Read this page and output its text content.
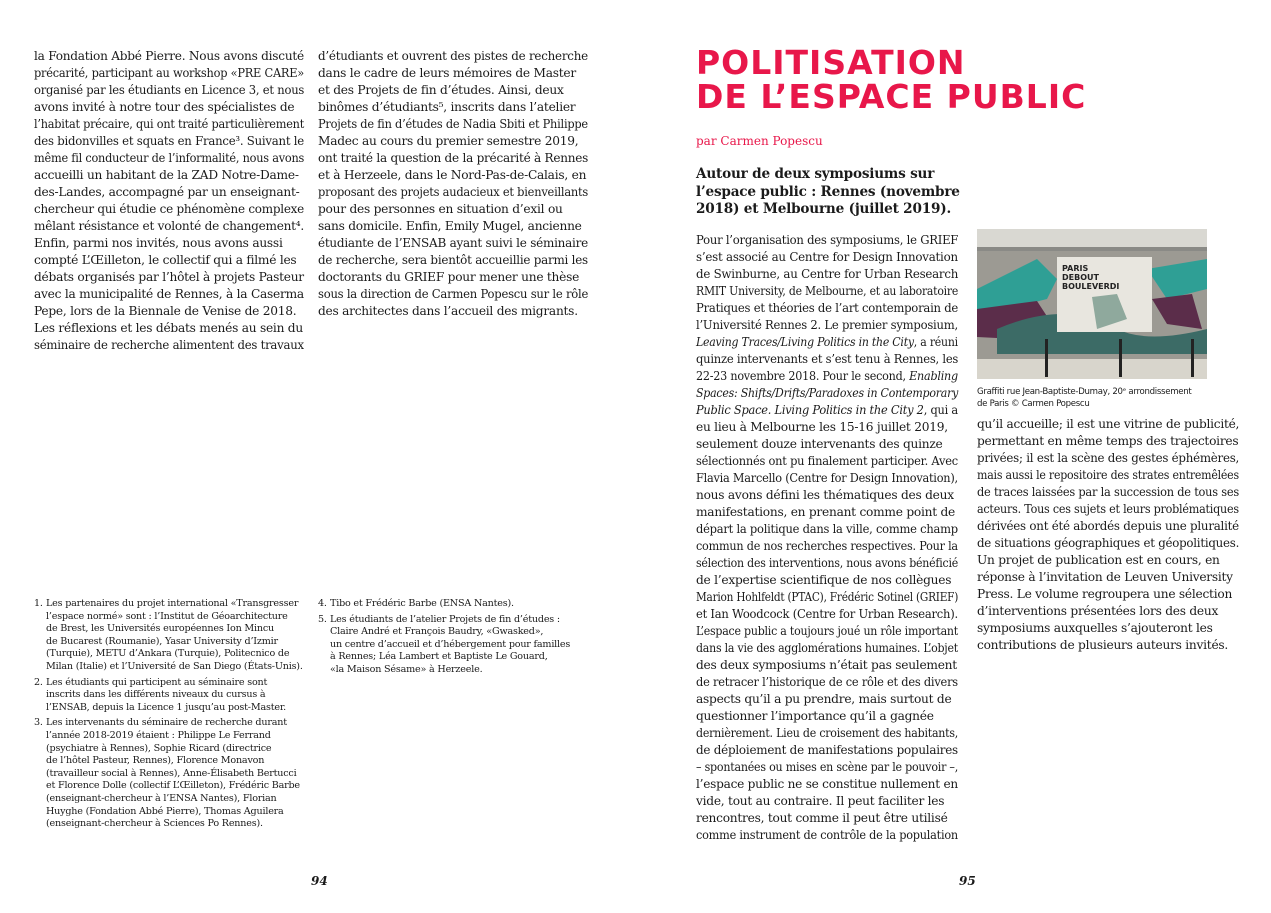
la Fondation Abbé Pierre. Nous avons discuté
précarité, participant au workshop «PRE CARE»
organisé par les étudiants en Licence 3, et nous
avons invité à notre tour des spécialistes de
l’habitat précaire, qui ont traité particulièrement
des bidonvilles et squats en France³. Suivant le
même fil conducteur de l’informalité, nous avons
accueilli un habitant de la ZAD Notre-Dame-
des-Landes, accompagné par un enseignant-
chercheur qui étudie ce phénomène complexe
mêlant résistance et volonté de changement⁴.
Enfin, parmi nos invités, nous avons aussi
compté L’Œilleton, le collectif qui a filmé les
débats organisés par l’hôtel à projets Pasteur
avec la municipalité de Rennes, à la Caserma
Pepe, lors de la Biennale de Venise de 2018.
Les réflexions et les débats menés au sein du
séminaire de recherche alimentent des travaux
d’étudiants et ouvrent des pistes de recherche
dans le cadre de leurs mémoires de Master
et des Projets de fin d’études. Ainsi, deux
binômes d’étudiants⁵, inscrits dans l’atelier
Projets de fin d’études de Nadia Sbiti et Philippe
Madec au cours du premier semestre 2019,
ont traité la question de la précarité à Rennes
et à Herzeele, dans le Nord-Pas-de-Calais, en
proposant des projets audacieux et bienveillants
pour des personnes en situation d’exil ou
sans domicile. Enfin, Emily Mugel, ancienne
étudiante de l’ENSAB ayant suivi le séminaire
de recherche, sera bientôt accueillie parmi les
doctorants du GRIEF pour mener une thèse
sous la direction de Carmen Popescu sur le rôle
des architectes dans l’accueil des migrants.
1. Les partenaires du projet international «Transgresser
l’espace normé» sont : l’Institut de Géoarchitecture
de Brest, les Universités européennes Ion Mincu
de Bucarest (Roumanie), Yasar University d’Izmir
(Turquie), METU d’Ankara (Turquie), Politecnico de
Milan (Italie) et l’Université de San Diego (États-Unis).
2. Les étudiants qui participent au séminaire sont
inscrits dans les différents niveaux du cursus à
l’ENSAB, depuis la Licence 1 jusqu’au post-Master.
3. Les intervenants du séminaire de recherche durant
l’année 2018-2019 étaient : Philippe Le Ferrand
(psychiatre à Rennes), Sophie Ricard (directrice
de l’hôtel Pasteur, Rennes), Florence Monavon
(travailleur social à Rennes), Anne-Élisabeth Bertucci
et Florence Dolle (collectif L’Œilleton), Frédéric Barbe
(enseignant-chercheur à l’ENSA Nantes), Florian
Huyghe (Fondation Abbé Pierre), Thomas Aguilera
(enseignant-chercheur à Sciences Po Rennes).
4. Tibo et Frédéric Barbe (ENSA Nantes).
5. Les étudiants de l’atelier Projets de fin d’études :
Claire André et François Baudry, «Gwasked»,
un centre d’accueil et d’hébergement pour familles
à Rennes; Léa Lambert et Baptiste Le Gouard,
«la Maison Sésame» à Herzeele.
94
POLITISATION
DE L’ESPACE PUBLIC
par Carmen Popescu
Autour de deux symposiums sur
l’espace public : Rennes (novembre
2018) et Melbourne (juillet 2019).
Pour l’organisation des symposiums, le GRIEF
s’est associé au Centre for Design Innovation
de Swinburne, au Centre for Urban Research
RMIT University, de Melbourne, et au laboratoire
Pratiques et théories de l’art contemporain de
l’Université Rennes 2. Le premier symposium,
Leaving Traces/Living Politics in the City, a réuni
quinze intervenants et s’est tenu à Rennes, les
22-23 novembre 2018. Pour le second, Enabling
Spaces: Shifts/Drifts/Paradoxes in Contemporary
Public Space. Living Politics in the City 2, qui a
eu lieu à Melbourne les 15-16 juillet 2019,
seulement douze intervenants des quinze
sélectionnés ont pu finalement participer. Avec
Flavia Marcello (Centre for Design Innovation),
nous avons défini les thématiques des deux
manifestations, en prenant comme point de
départ la politique dans la ville, comme champ
commun de nos recherches respectives. Pour la
sélection des interventions, nous avons bénéficié
de l’expertise scientifique de nos collègues
Marion Hohlfeldt (PTAC), Frédéric Sotinel (GRIEF)
et Ian Woodcock (Centre for Urban Research).
L’espace public a toujours joué un rôle important
dans la vie des agglomérations humaines. L’objet
des deux symposiums n’était pas seulement
de retracer l’historique de ce rôle et des divers
aspects qu’il a pu prendre, mais surtout de
questionner l’importance qu’il a gagnée
dernièrement. Lieu de croisement des habitants,
de déploiement de manifestations populaires
– spontanées ou mises en scène par le pouvoir –,
l’espace public ne se constitue nullement en
vide, tout au contraire. Il peut faciliter les
rencontres, tout comme il peut être utilisé
comme instrument de contrôle de la population
PARIS
DEBOUT
BOULEVERDI
Graffiti rue Jean-Baptiste-Dumay, 20ᵉ arrondissement
de Paris © Carmen Popescu
qu’il accueille; il est une vitrine de publicité,
permettant en même temps des trajectoires
privées; il est la scène des gestes éphémères,
mais aussi le repositoire des strates entremêlées
de traces laissées par la succession de tous ses
acteurs. Tous ces sujets et leurs problématiques
dérivées ont été abordés depuis une pluralité
de situations géographiques et géopolitiques.
Un projet de publication est en cours, en
réponse à l’invitation de Leuven University
Press. Le volume regroupera une sélection
d’interventions présentées lors des deux
symposiums auxquelles s’ajouteront les
contributions de plusieurs auteurs invités.
95
